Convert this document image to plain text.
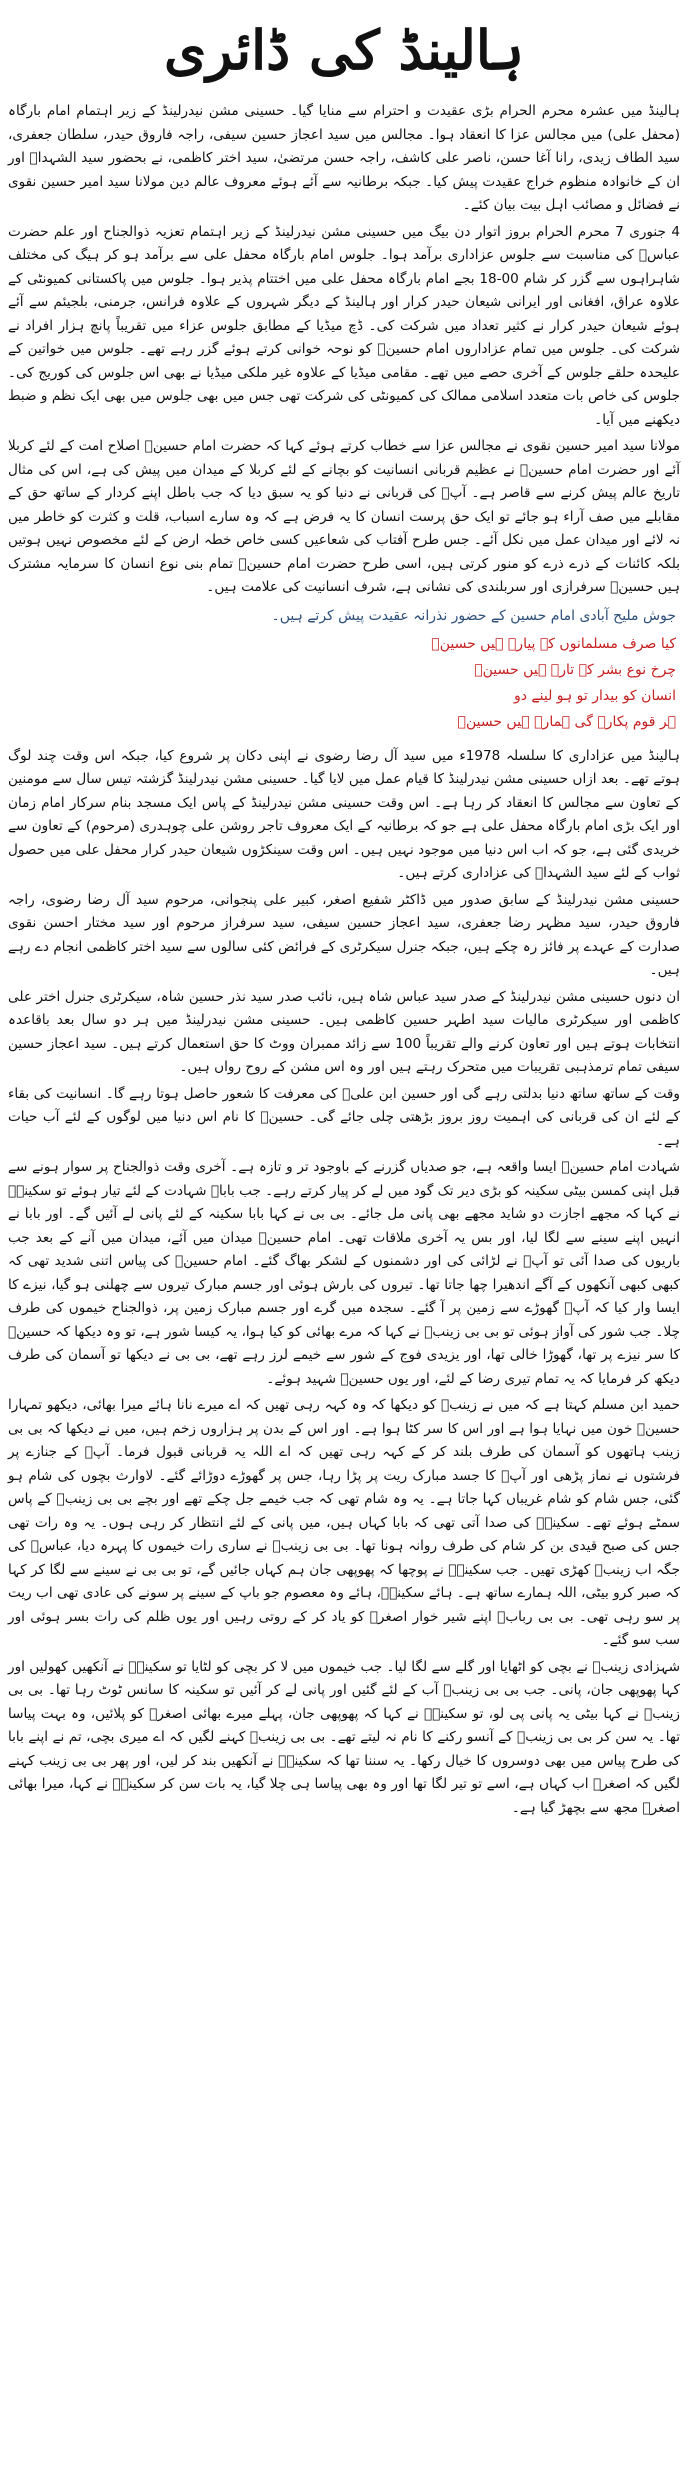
ہالینڈ کی ڈائری

ہالینڈ میں عشرہ محرم الحرام بڑی عقیدت و احترام سے منایا گیا۔ حسینی مشن نیدرلینڈ کے زیر اہتمام امام بارگاہ (محفل علی) میں مجالس عزا کا انعقاد ہوا۔ مجالس میں سید اعجاز حسین سیفی، راجہ فاروق حیدر، سلطان جعفری، سید الطاف زیدی، رانا آغا حسن، ناصر علی کاشف، راجہ حسن مرتضیٰ، سید اختر کاظمی، نے بحضور سید الشہداؑ اور ان کے خانوادہ منظوم خراج عقیدت پیش کیا۔ جبکہ برطانیہ سے آئے ہوئے معروف عالم دین مولانا سید امیر حسین نقوی نے فضائل و مصائب اہل بیت بیان کئے۔

4 جنوری 7 محرم الحرام بروز اتوار دن بیگ میں حسینی مشن نیدرلینڈ کے زیر اہتمام تعزیہ ذوالجناح اور علم حضرت عباسؑ کی مناسبت سے جلوس عزاداری برآمد ہوا۔ جلوس امام بارگاہ محفل علی سے برآمد ہو کر ہیگ کی مختلف شاہراہوں سے گزر کر شام 00-18 بجے امام بارگاہ محفل علی میں اختتام پذیر ہوا۔ جلوس میں پاکستانی کمیونٹی کے علاوہ عراق، افغانی اور ایرانی شیعان حیدر کرار اور ہالینڈ کے دیگر شہروں کے علاوہ فرانس، جرمنی، بلجیئم سے آئے ہوئے شیعان حیدر کرار نے کثیر تعداد میں شرکت کی۔ ڈچ میڈیا کے مطابق جلوس عزاء میں تقریباً پانچ ہزار افراد نے شرکت کی۔ جلوس میں تمام عزاداروں امام حسینؑ کو نوحہ خوانی کرتے ہوئے گزر رہے تھے۔ جلوس میں خواتین کے علیحدہ حلقے جلوس کے آخری حصے میں تھے۔ مقامی میڈیا کے علاوہ غیر ملکی میڈیا نے بھی اس جلوس کی کوریج کی۔ جلوس کی خاص بات متعدد اسلامی ممالک کی کمیونٹی کی شرکت تھی جس میں بھی جلوس میں بھی ایک نظم و ضبط دیکھنے میں آیا۔

مولانا سید امیر حسین نقوی نے مجالس عزا سے خطاب کرتے ہوئے کہا کہ حضرت امام حسینؑ اصلاح امت کے لئے کربلا آئے اور حضرت امام حسینؑ نے عظیم قربانی انسانیت کو بچانے کے لئے کربلا کے میدان میں پیش کی ہے، اس کی مثال تاریخ عالم پیش کرنے سے قاصر ہے۔ آپؑ کی قربانی نے دنیا کو یہ سبق دیا کہ جب باطل اپنے کردار کے ساتھ حق کے مقابلے میں صف آراء ہو جائے تو ایک حق پرست انسان کا یہ فرض ہے کہ وہ سارے اسباب، قلت و کثرت کو خاطر میں نہ لائے اور میدان عمل میں نکل آئے۔ جس طرح آفتاب کی شعاعیں کسی خاص خطہ ارض کے لئے مخصوص نہیں ہوتیں بلکہ کائنات کے ذرے ذرے کو منور کرتی ہیں، اسی طرح حضرت امام حسینؑ تمام بنی نوع انسان کا سرمایہ مشترک ہیں حسینؑ سرفرازی اور سربلندی کی نشانی ہے، شرف انسانیت کی علامت ہیں۔

جوش ملیح آبادی امام حسین کے حضور نذرانہ عقیدت پیش کرتے ہیں۔
کیا صرف مسلمانوں کے پیارے ہیں حسینؑ
چرخ نوع بشر کے تارے ہیں حسینؑ
انسان کو بیدار تو ہو لینے دو
ہر قوم پکارے گی ہمارے ہیں حسینؑ

ہالینڈ میں عزاداری کا سلسلہ 1978ء میں سید آل رضا رضوی نے اپنی دکان پر شروع کیا، جبکہ اس وقت چند لوگ ہوتے تھے۔ بعد ازاں حسینی مشن نیدرلینڈ کا قیام عمل میں لایا گیا۔ حسینی مشن نیدرلینڈ گزشتہ تیس سال سے مومنین کے تعاون سے مجالس کا انعقاد کر رہا ہے۔ اس وقت حسینی مشن نیدرلینڈ کے پاس ایک مسجد بنام سرکار امام زمان اور ایک بڑی امام بارگاہ محفل علی ہے جو کہ برطانیہ کے ایک معروف تاجر روشن علی چوہدری (مرحوم) کے تعاون سے خریدی گئی ہے، جو کہ اب اس دنیا میں موجود نہیں ہیں۔ اس وقت سینکڑوں شیعان حیدر کرار محفل علی میں حصول ثواب کے لئے سید الشہداؑ کی عزاداری کرتے ہیں۔

حسینی مشن نیدرلینڈ کے سابق صدور میں ڈاکٹر شفیع اصغر، کبیر علی پنجوانی، مرحوم سید آل رضا رضوی، راجہ فاروق حیدر، سید مظہر رضا جعفری، سید اعجاز حسین سیفی، سید سرفراز مرحوم اور سید مختار احسن نقوی صدارت کے عہدے پر فائز رہ چکے ہیں، جبکہ جنرل سیکرٹری کے فرائض کئی سالوں سے سید اختر کاظمی انجام دے رہے ہیں۔

ان دنوں حسینی مشن نیدرلینڈ کے صدر سید عباس شاہ ہیں، نائب صدر سید نذر حسین شاہ، سیکرٹری جنرل اختر علی کاظمی اور سیکرٹری مالیات سید اطہر حسین کاظمی ہیں۔ حسینی مشن نیدرلینڈ میں ہر دو سال بعد باقاعدہ انتخابات ہوتے ہیں اور تعاون کرنے والے تقریباً 100 سے زائد ممبران ووٹ کا حق استعمال کرتے ہیں۔ سید اعجاز حسین سیفی تمام ترمذہبی تقریبات میں متحرک رہتے ہیں اور وہ اس مشن کے روح رواں ہیں۔

وقت کے ساتھ ساتھ دنیا بدلتی رہے گی اور حسین ابن علیؑ کی معرفت کا شعور حاصل ہوتا رہے گا۔ انسانیت کی بقاء کے لئے ان کی قربانی کی اہمیت روز بروز بڑھتی چلی جائے گی۔ حسینؑ کا نام اس دنیا میں لوگوں کے لئے آب حیات ہے۔

شہادت امام حسینؑ ایسا واقعہ ہے، جو صدیاں گزرنے کے باوجود تر و تازہ ہے۔ آخری وقت ذوالجناح پر سوار ہونے سے قبل اپنی کمسن بیٹی سکینہ کو بڑی دیر تک گود میں لے کر پیار کرتے رہے۔ جب باباؑ شہادت کے لئے تیار ہوئے تو سکینہؑ نے کہا کہ مجھے اجازت دو شاید مجھے بھی پانی مل جائے۔ بی بی نے کہا بابا سکینہ کے لئے پانی لے آئیں گے۔ اور بابا نے انہیں اپنے سینے سے لگا لیا، اور بس یہ آخری ملاقات تھی۔ امام حسینؑ میدان میں آئے، میدان میں آنے کے بعد جب باریوں کی صدا آئی تو آپؑ نے لڑائی کی اور دشمنوں کے لشکر بھاگ گئے۔ امام حسینؑ کی پیاس اتنی شدید تھی کہ کبھی کبھی آنکھوں کے آگے اندھیرا چھا جاتا تھا۔ تیروں کی بارش ہوئی اور جسم مبارک تیروں سے چھلنی ہو گیا، نیزے کا ایسا وار کیا کہ آپؑ گھوڑے سے زمین پر آ گئے۔ سجدہ میں گرے اور جسم مبارک زمین پر، ذوالجناح خیموں کی طرف چلا۔ جب شور کی آواز ہوئی تو بی بی زینبؑ نے کہا کہ مرے بھائی کو کیا ہوا، یہ کیسا شور ہے، تو وہ دیکھا کہ حسینؑ کا سر نیزے پر تھا، گھوڑا خالی تھا، اور یزیدی فوج کے شور سے خیمے لرز رہے تھے، بی بی نے دیکھا تو آسمان کی طرف دیکھ کر فرمایا کہ یہ تمام تیری رضا کے لئے، اور یوں حسینؑ شہید ہوئے۔

حمید ابن مسلم کہتا ہے کہ میں نے زینبؑ کو دیکھا کہ وہ کہہ رہی تھیں کہ اے میرے نانا ہائے میرا بھائی، دیکھو تمہارا حسینؑ خون میں نہایا ہوا ہے اور اس کا سر کٹا ہوا ہے۔ اور اس کے بدن پر ہزاروں زخم ہیں، میں نے دیکھا کہ بی بی زینب ہاتھوں کو آسمان کی طرف بلند کر کے کہہ رہی تھیں کہ اے اللہ یہ قربانی قبول فرما۔ آپؑ کے جنازے پر فرشتوں نے نماز پڑھی اور آپؑ کا جسد مبارک ریت پر پڑا رہا، جس پر گھوڑے دوڑائے گئے۔ لاوارث بچوں کی شام ہو گئی، جس شام کو شام غریباں کہا جاتا ہے۔ یہ وہ شام تھی کہ جب خیمے جل چکے تھے اور بچے بی بی زینبؑ کے پاس سمٹے ہوئے تھے۔ سکینہؑ کی صدا آتی تھی کہ بابا کہاں ہیں، میں پانی کے لئے انتظار کر رہی ہوں۔ یہ وہ رات تھی جس کی صبح قیدی بن کر شام کی طرف روانہ ہونا تھا۔ بی بی زینبؑ نے ساری رات خیموں کا پہرہ دیا، عباسؑ کی جگہ اب زینبؑ کھڑی تھیں۔ جب سکینہؑ نے پوچھا کہ پھوپھی جان ہم کہاں جائیں گے، تو بی بی نے سینے سے لگا کر کہا کہ صبر کرو بیٹی، اللہ ہمارے ساتھ ہے۔ ہائے سکینہؑ، ہائے وہ معصوم جو باپ کے سینے پر سونے کی عادی تھی اب ریت پر سو رہی تھی۔ بی بی ربابؑ اپنے شیر خوار اصغرؑ کو یاد کر کے روتی رہیں اور یوں ظلم کی رات بسر ہوئی اور سب سو گئے۔

شہزادی زینبؑ نے بچی کو اٹھایا اور گلے سے لگا لیا۔ جب خیموں میں لا کر بچی کو لٹایا تو سکینہؑ نے آنکھیں کھولیں اور کہا پھوپھی جان، پانی۔ جب بی بی زینبؑ آب کے لئے گئیں اور پانی لے کر آئیں تو سکینہ کا سانس ٹوٹ رہا تھا۔ بی بی زینبؑ نے کہا بیٹی یہ پانی پی لو، تو سکینہؑ نے کہا کہ پھوپھی جان، پہلے میرے بھائی اصغرؑ کو پلائیں، وہ بہت پیاسا تھا۔ یہ سن کر بی بی زینبؑ کے آنسو رکنے کا نام نہ لیتے تھے۔ بی بی زینبؑ کہنے لگیں کہ اے میری بچی، تم نے اپنے بابا کی طرح پیاس میں بھی دوسروں کا خیال رکھا۔ یہ سننا تھا کہ سکینہؑ نے آنکھیں بند کر لیں، اور پھر بی بی زینب کہنے لگیں کہ اصغرؑ اب کہاں ہے، اسے تو تیر لگا تھا اور وہ بھی پیاسا ہی چلا گیا، یہ بات سن کر سکینہؑ نے کہا، میرا بھائی اصغرؑ مجھ سے بچھڑ گیا ہے۔
